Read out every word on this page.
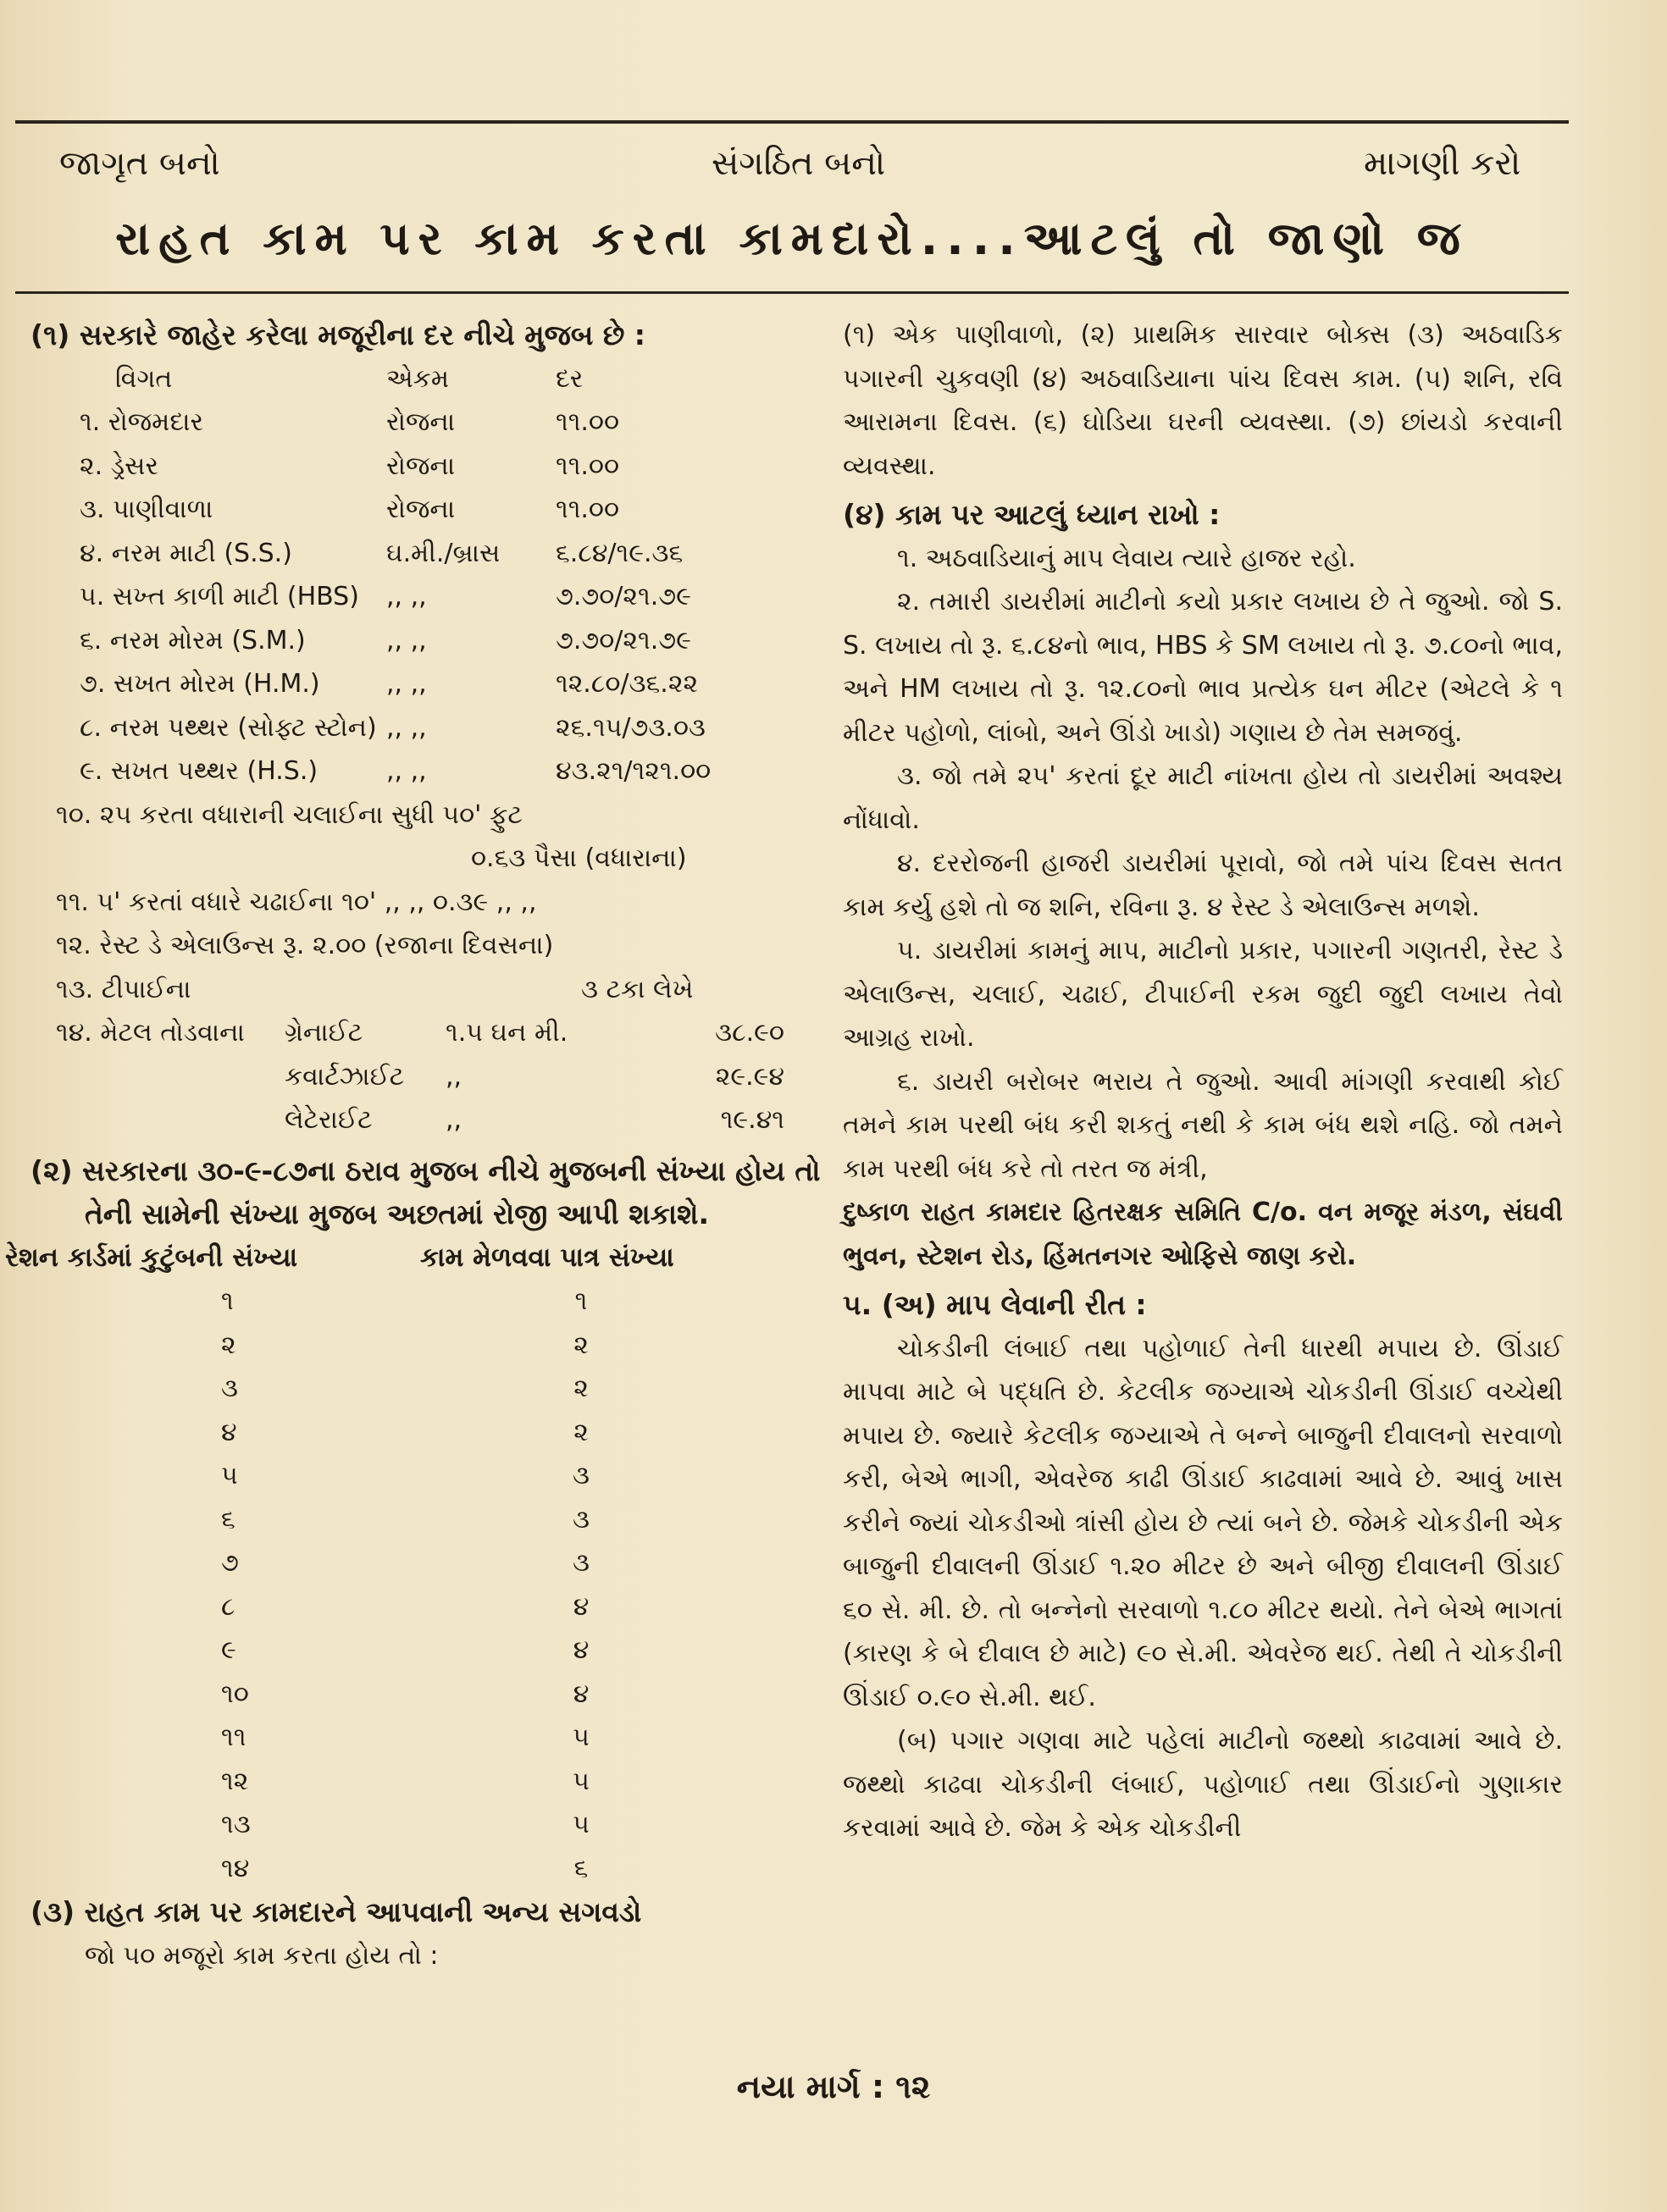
જાગૃત બનો	સંગઠિત બનો	માગણી કરો
રાહત કામ પર કામ કરતા કામદારો....આટલું તો જાણો જ
(૧) સરકારે જાહેર કરેલા મજૂરીના દર નીચે મુજબ છે :
વિગત	એકમ	દર
૧. રોજમદાર	રોજના	૧૧.૦૦
૨. ડ્રેસર	રોજના	૧૧.૦૦
૩. પાણીવાળા	રોજના	૧૧.૦૦
૪. નરમ માટી (S.S.)	ઘ.મી./બ્રાસ	૬.૮૪/૧૯.૩૬
૫. સખ્ત કાળી માટી (HBS)	,, ,,	૭.૭૦/૨૧.૭૯
૬. નરમ મોરમ (S.M.)	,, ,,	૭.૭૦/૨૧.૭૯
૭. સખત મોરમ (H.M.)	,, ,,	૧૨.૮૦/૩૬.૨૨
૮. નરમ પથ્થર (સોફ્ટ સ્ટોન) ,, ,,	૨૬.૧૫/૭૩.૦૩
૯. સખત પથ્થર (H.S.)	,, ,,	૪૩.૨૧/૧૨૧.૦૦
૧૦. ૨૫ કરતા વધારાની ચલાઈના સુધી ૫૦' ફુટ
૦.૬૩ પૈસા (વધારાના)
૧૧. ૫' કરતાં વધારે ચઢાઈના ૧૦' ,, ,, ૦.૩૯ ,, ,,
૧૨. રેસ્ટ ડે એલાઉન્સ રૂ. ૨.૦૦ (રજાના દિવસના)
૧૩. ટીપાઈના	૩ ટકા લેખે
૧૪. મેટલ તોડવાના	ગ્રેનાઈટ	૧.૫ ઘન મી.	૩૮.૯૦
કવાર્ટઝાઈટ	,,	૨૯.૯૪
લેટેરાઈટ	,,	૧૯.૪૧
(૨) સરકારના ૩૦-૯-૮૭ના ઠરાવ મુજબ નીચે મુજબની સંખ્યા હોય તો તેની સામેની સંખ્યા મુજબ અછતમાં રોજી આપી શકાશે.
રેશન કાર્ડમાં કુટુંબની સંખ્યા	કામ મેળવવા પાત્ર સંખ્યા
૧	૧
૨	૨
૩	૨
૪	૨
૫	૩
૬	૩
૭	૩
૮	૪
૯	૪
૧૦	૪
૧૧	૫
૧૨	૫
૧૩	૫
૧૪	૬
(૩) રાહત કામ પર કામદારને આપવાની અન્ય સગવડો
જો ૫૦ મજૂરો કામ કરતા હોય તો :
(૧) એક પાણીવાળો, (૨) પ્રાથમિક સારવાર બોક્સ (૩) અઠવાડિક પગારની ચુકવણી (૪) અઠવાડિયાના પાંચ દિવસ કામ. (૫) શનિ, રવિ આરામના દિવસ. (૬) ઘોડિયા ઘરની વ્યવસ્થા. (૭) છાંયડો કરવાની વ્યવસ્થા.
(૪) કામ પર આટલું ધ્યાન રાખો :
૧. અઠવાડિયાનું માપ લેવાય ત્યારે હાજર રહો.
૨. તમારી ડાયરીમાં માટીનો કયો પ્રકાર લખાય છે તે જુઓ. જો S. S. લખાય તો રૂ. ૬.૮૪નો ભાવ, HBS કે SM લખાય તો રૂ. ૭.૮૦નો ભાવ, અને HM લખાય તો રૂ. ૧૨.૮૦નો ભાવ પ્રત્યેક ઘન મીટર (એટલે કે ૧ મીટર પહોળો, લાંબો, અને ઊંડો ખાડો) ગણાય છે તેમ સમજવું.
૩. જો તમે ૨૫' કરતાં દૂર માટી નાંખતા હોય તો ડાયરીમાં અવશ્ય નોંધાવો.
૪. દરરોજની હાજરી ડાયરીમાં પૂરાવો, જો તમે પાંચ દિવસ સતત કામ કર્યુ હશે તો જ શનિ, રવિના રૂ. ૪ રેસ્ટ ડે એલાઉન્સ મળશે.
૫. ડાયરીમાં કામનું માપ, માટીનો પ્રકાર, પગારની ગણતરી, રેસ્ટ ડે એલાઉન્સ, ચલાઈ, ચઢાઈ, ટીપાઈની રકમ જુદી જુદી લખાય તેવો આગ્રહ રાખો.
૬. ડાયરી બરોબર ભરાય તે જુઓ. આવી માંગણી કરવાથી કોઈ તમને કામ પરથી બંધ કરી શકતું નથી કે કામ બંધ થશે નહિ. જો તમને કામ પરથી બંધ કરે તો તરત જ મંત્રી,
દુષ્કાળ રાહત કામદાર હિતરક્ષક સમિતિ C/o. વન મજૂર મંડળ, સંઘવી ભુવન, સ્ટેશન રોડ, હિંમતનગર ઓફિસે જાણ કરો.
૫. (અ) માપ લેવાની રીત :
ચોકડીની લંબાઈ તથા પહોળાઈ તેની ધારથી મપાય છે. ઊંડાઈ માપવા માટે બે પદ્ધતિ છે. કેટલીક જગ્યાએ ચોકડીની ઊંડાઈ વચ્ચેથી મપાય છે. જ્યારે કેટલીક જગ્યાએ તે બન્ને બાજુની દીવાલનો સરવાળો કરી, બેએ ભાગી, એવરેજ કાઢી ઊંડાઈ કાઢવામાં આવે છે. આવું ખાસ કરીને જ્યાં ચોકડીઓ ત્રાંસી હોય છે ત્યાં બને છે. જેમકે ચોકડીની એક બાજુની દીવાલની ઊંડાઈ ૧.૨૦ મીટર છે અને બીજી દીવાલની ઊંડાઈ ૬૦ સે. મી. છે. તો બન્નેનો સરવાળો ૧.૮૦ મીટર થયો. તેને બેએ ભાગતાં (કારણ કે બે દીવાલ છે માટે) ૯૦ સે.મી. એવરેજ થઈ. તેથી તે ચોકડીની ઊંડાઈ ૦.૯૦ સે.મી. થઈ.
(બ) પગાર ગણવા માટે પહેલાં માટીનો જથ્થો કાઢવામાં આવે છે. જથ્થો કાઢવા ચોકડીની લંબાઈ, પહોળાઈ તથા ઊંડાઈનો ગુણાકાર કરવામાં આવે છે. જેમ કે એક ચોકડીની
નયા માર્ગ : ૧૨
